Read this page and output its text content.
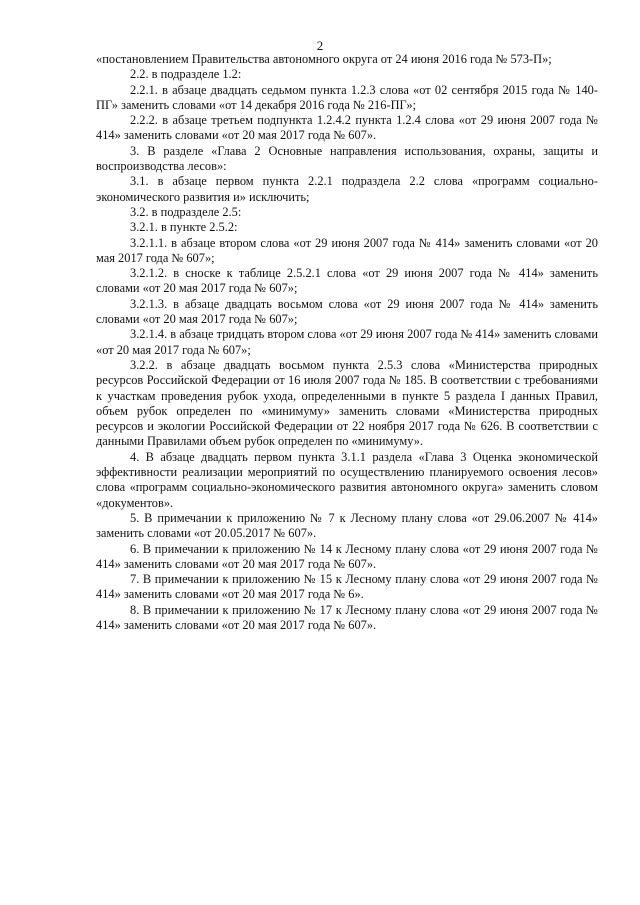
2

«постановлением Правительства автономного округа от 24 июня 2016 года № 573-П»;

2.2. в подразделе 1.2:

2.2.1. в абзаце двадцать седьмом пункта 1.2.3 слова «от 02 сентября 2015 года № 140-ПГ» заменить словами «от 14 декабря 2016 года № 216-ПГ»;

2.2.2. в абзаце третьем подпункта 1.2.4.2 пункта 1.2.4 слова «от 29 июня 2007 года № 414» заменить словами «от 20 мая 2017 года № 607».

3. В разделе «Глава 2 Основные направления использования, охраны, защиты и воспроизводства лесов»:

3.1. в абзаце первом пункта 2.2.1 подраздела 2.2 слова «программ социально-экономического развития и» исключить;

3.2. в подразделе 2.5:

3.2.1. в пункте 2.5.2:

3.2.1.1. в абзаце втором слова «от 29 июня 2007 года № 414» заменить словами «от 20 мая 2017 года № 607»;

3.2.1.2. в сноске к таблице 2.5.2.1 слова «от 29 июня 2007 года № 414» заменить словами «от 20 мая 2017 года № 607»;

3.2.1.3. в абзаце двадцать восьмом слова «от 29 июня 2007 года № 414» заменить словами «от 20 мая 2017 года № 607»;

3.2.1.4. в абзаце тридцать втором слова «от 29 июня 2007 года № 414» заменить словами «от 20 мая 2017 года № 607»;

3.2.2. в абзаце двадцать восьмом пункта 2.5.3 слова «Министерства природных ресурсов Российской Федерации от 16 июля 2007 года № 185. В соответствии с требованиями к участкам проведения рубок ухода, определенными в пункте 5 раздела I данных Правил, объем рубок определен по «минимуму» заменить словами «Министерства природных ресурсов и экологии Российской Федерации от 22 ноября 2017 года № 626. В соответствии с данными Правилами объем рубок определен по «минимуму».

4. В абзаце двадцать первом пункта 3.1.1 раздела «Глава 3 Оценка экономической эффективности реализации мероприятий по осуществлению планируемого освоения лесов» слова «программ социально-экономического развития автономного округа» заменить словом «документов».

5. В примечании к приложению № 7 к Лесному плану слова «от 29.06.2007 № 414» заменить словами «от 20.05.2017 № 607».

6. В примечании к приложению № 14 к Лесному плану слова «от 29 июня 2007 года № 414» заменить словами «от 20 мая 2017 года № 607».

7. В примечании к приложению № 15 к Лесному плану слова «от 29 июня 2007 года № 414» заменить словами «от 20 мая 2017 года № 6».

8. В примечании к приложению № 17 к Лесному плану слова «от 29 июня 2007 года № 414» заменить словами «от 20 мая 2017 года № 607».
